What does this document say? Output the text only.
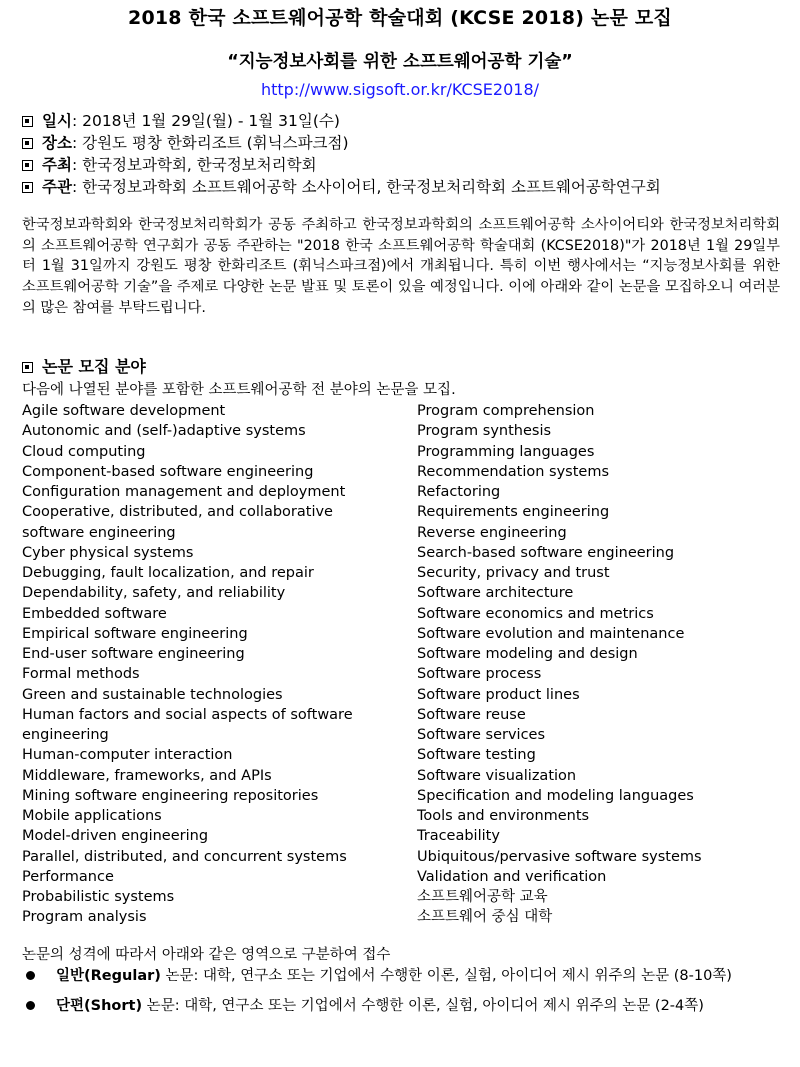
2018 한국 소프트웨어공학 학술대회 (KCSE 2018) 논문 모집
“지능정보사회를 위한 소프트웨어공학 기술”
http://www.sigsoft.or.kr/KCSE2018/
일시: 2018년 1월 29일(월) - 1월 31일(수)
장소: 강원도 평창 한화리조트 (휘닉스파크점)
주최: 한국정보과학회, 한국정보처리학회
주관: 한국정보과학회 소프트웨어공학 소사이어티, 한국정보처리학회 소프트웨어공학연구회
한국정보과학회와 한국정보처리학회가 공동 주최하고 한국정보과학회의 소프트웨어공학 소사이어티와 한국정보처리학회의 소프트웨어공학 연구회가 공동 주관하는 "2018 한국 소프트웨어공학 학술대회 (KCSE2018)"가 2018년 1월 29일부터 1월 31일까지 강원도 평창 한화리조트 (휘닉스파크점)에서 개최됩니다. 특히 이번 행사에서는 “지능정보사회를 위한 소프트웨어공학 기술”을 주제로 다양한 논문 발표 및 토론이 있을 예정입니다. 이에 아래와 같이 논문을 모집하오니 여러분의 많은 참여를 부탁드립니다.
논문 모집 분야
다음에 나열된 분야를 포함한 소프트웨어공학 전 분야의 논문을 모집.
Agile software development
Autonomic and (self-)adaptive systems
Cloud computing
Component-based software engineering
Configuration management and deployment
Cooperative, distributed, and collaborative
software engineering
Cyber physical systems
Debugging, fault localization, and repair
Dependability, safety, and reliability
Embedded software
Empirical software engineering
End-user software engineering
Formal methods
Green and sustainable technologies
Human factors and social aspects of software
engineering
Human-computer interaction
Middleware, frameworks, and APIs
Mining software engineering repositories
Mobile applications
Model-driven engineering
Parallel, distributed, and concurrent systems
Performance
Probabilistic systems
Program analysis
Program comprehension
Program synthesis
Programming languages
Recommendation systems
Refactoring
Requirements engineering
Reverse engineering
Search-based software engineering
Security, privacy and trust
Software architecture
Software economics and metrics
Software evolution and maintenance
Software modeling and design
Software process
Software product lines
Software reuse
Software services
Software testing
Software visualization
Specification and modeling languages
Tools and environments
Traceability
Ubiquitous/pervasive software systems
Validation and verification
소프트웨어공학 교육
소프트웨어 중심 대학
논문의 성격에 따라서 아래와 같은 영역으로 구분하여 접수
일반(Regular) 논문: 대학, 연구소 또는 기업에서 수행한 이론, 실험, 아이디어 제시 위주의 논문 (8-10쪽)
단편(Short) 논문: 대학, 연구소 또는 기업에서 수행한 이론, 실험, 아이디어 제시 위주의 논문 (2-4쪽)
